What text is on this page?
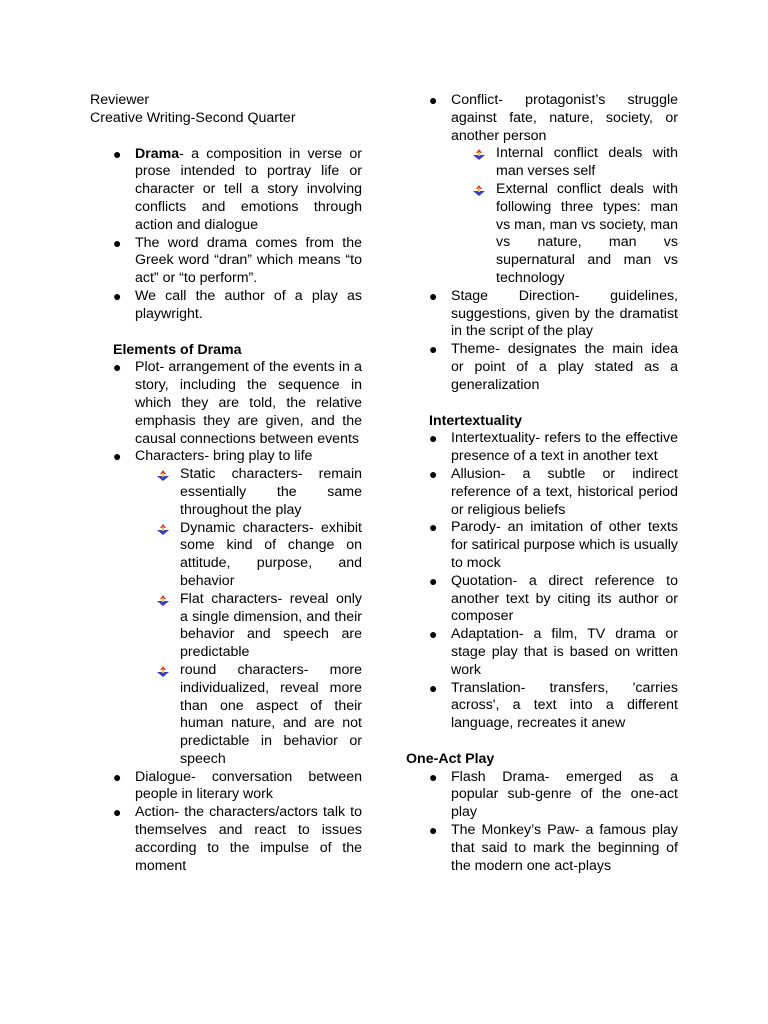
Reviewer

Creative Writing-Second Quarter

● Drama- a composition in verse or prose intended to portray life or character or tell a story involving conflicts and emotions through action and dialogue
● The word drama comes from the Greek word “dran” which means “to act” or “to perform”.
● We call the author of a play as playwright.

Elements of Drama

● Plot- arrangement of the events in a story, including the sequence in which they are told, the relative emphasis they are given, and the causal connections between events
● Characters- bring play to life
Static characters- remain essentially the same throughout the play
Dynamic characters- exhibit some kind of change on attitude, purpose, and behavior
Flat characters- reveal only a single dimension, and their behavior and speech are predictable
round characters- more individualized, reveal more than one aspect of their human nature, and are not predictable in behavior or speech
● Dialogue- conversation between people in literary work
● Action- the characters/actors talk to themselves and react to issues according to the impulse of the moment
● Conflict- protagonist’s struggle against fate, nature, society, or another person
Internal conflict deals with man verses self
External conflict deals with following three types: man vs man, man vs society, man vs nature, man vs supernatural and man vs technology
● Stage Direction- guidelines, suggestions, given by the dramatist in the script of the play
● Theme- designates the main idea or point of a play stated as a generalization

Intertextuality

● Intertextuality- refers to the effective presence of a text in another text
● Allusion- a subtle or indirect reference of a text, historical period or religious beliefs
● Parody- an imitation of other texts for satirical purpose which is usually to mock
● Quotation- a direct reference to another text by citing its author or composer
● Adaptation- a film, TV drama or stage play that is based on written work
● Translation- transfers, 'carries across', a text into a different language, recreates it anew

One-Act Play

● Flash Drama- emerged as a popular sub-genre of the one-act play
● The Monkey’s Paw- a famous play that said to mark the beginning of the modern one act-plays
